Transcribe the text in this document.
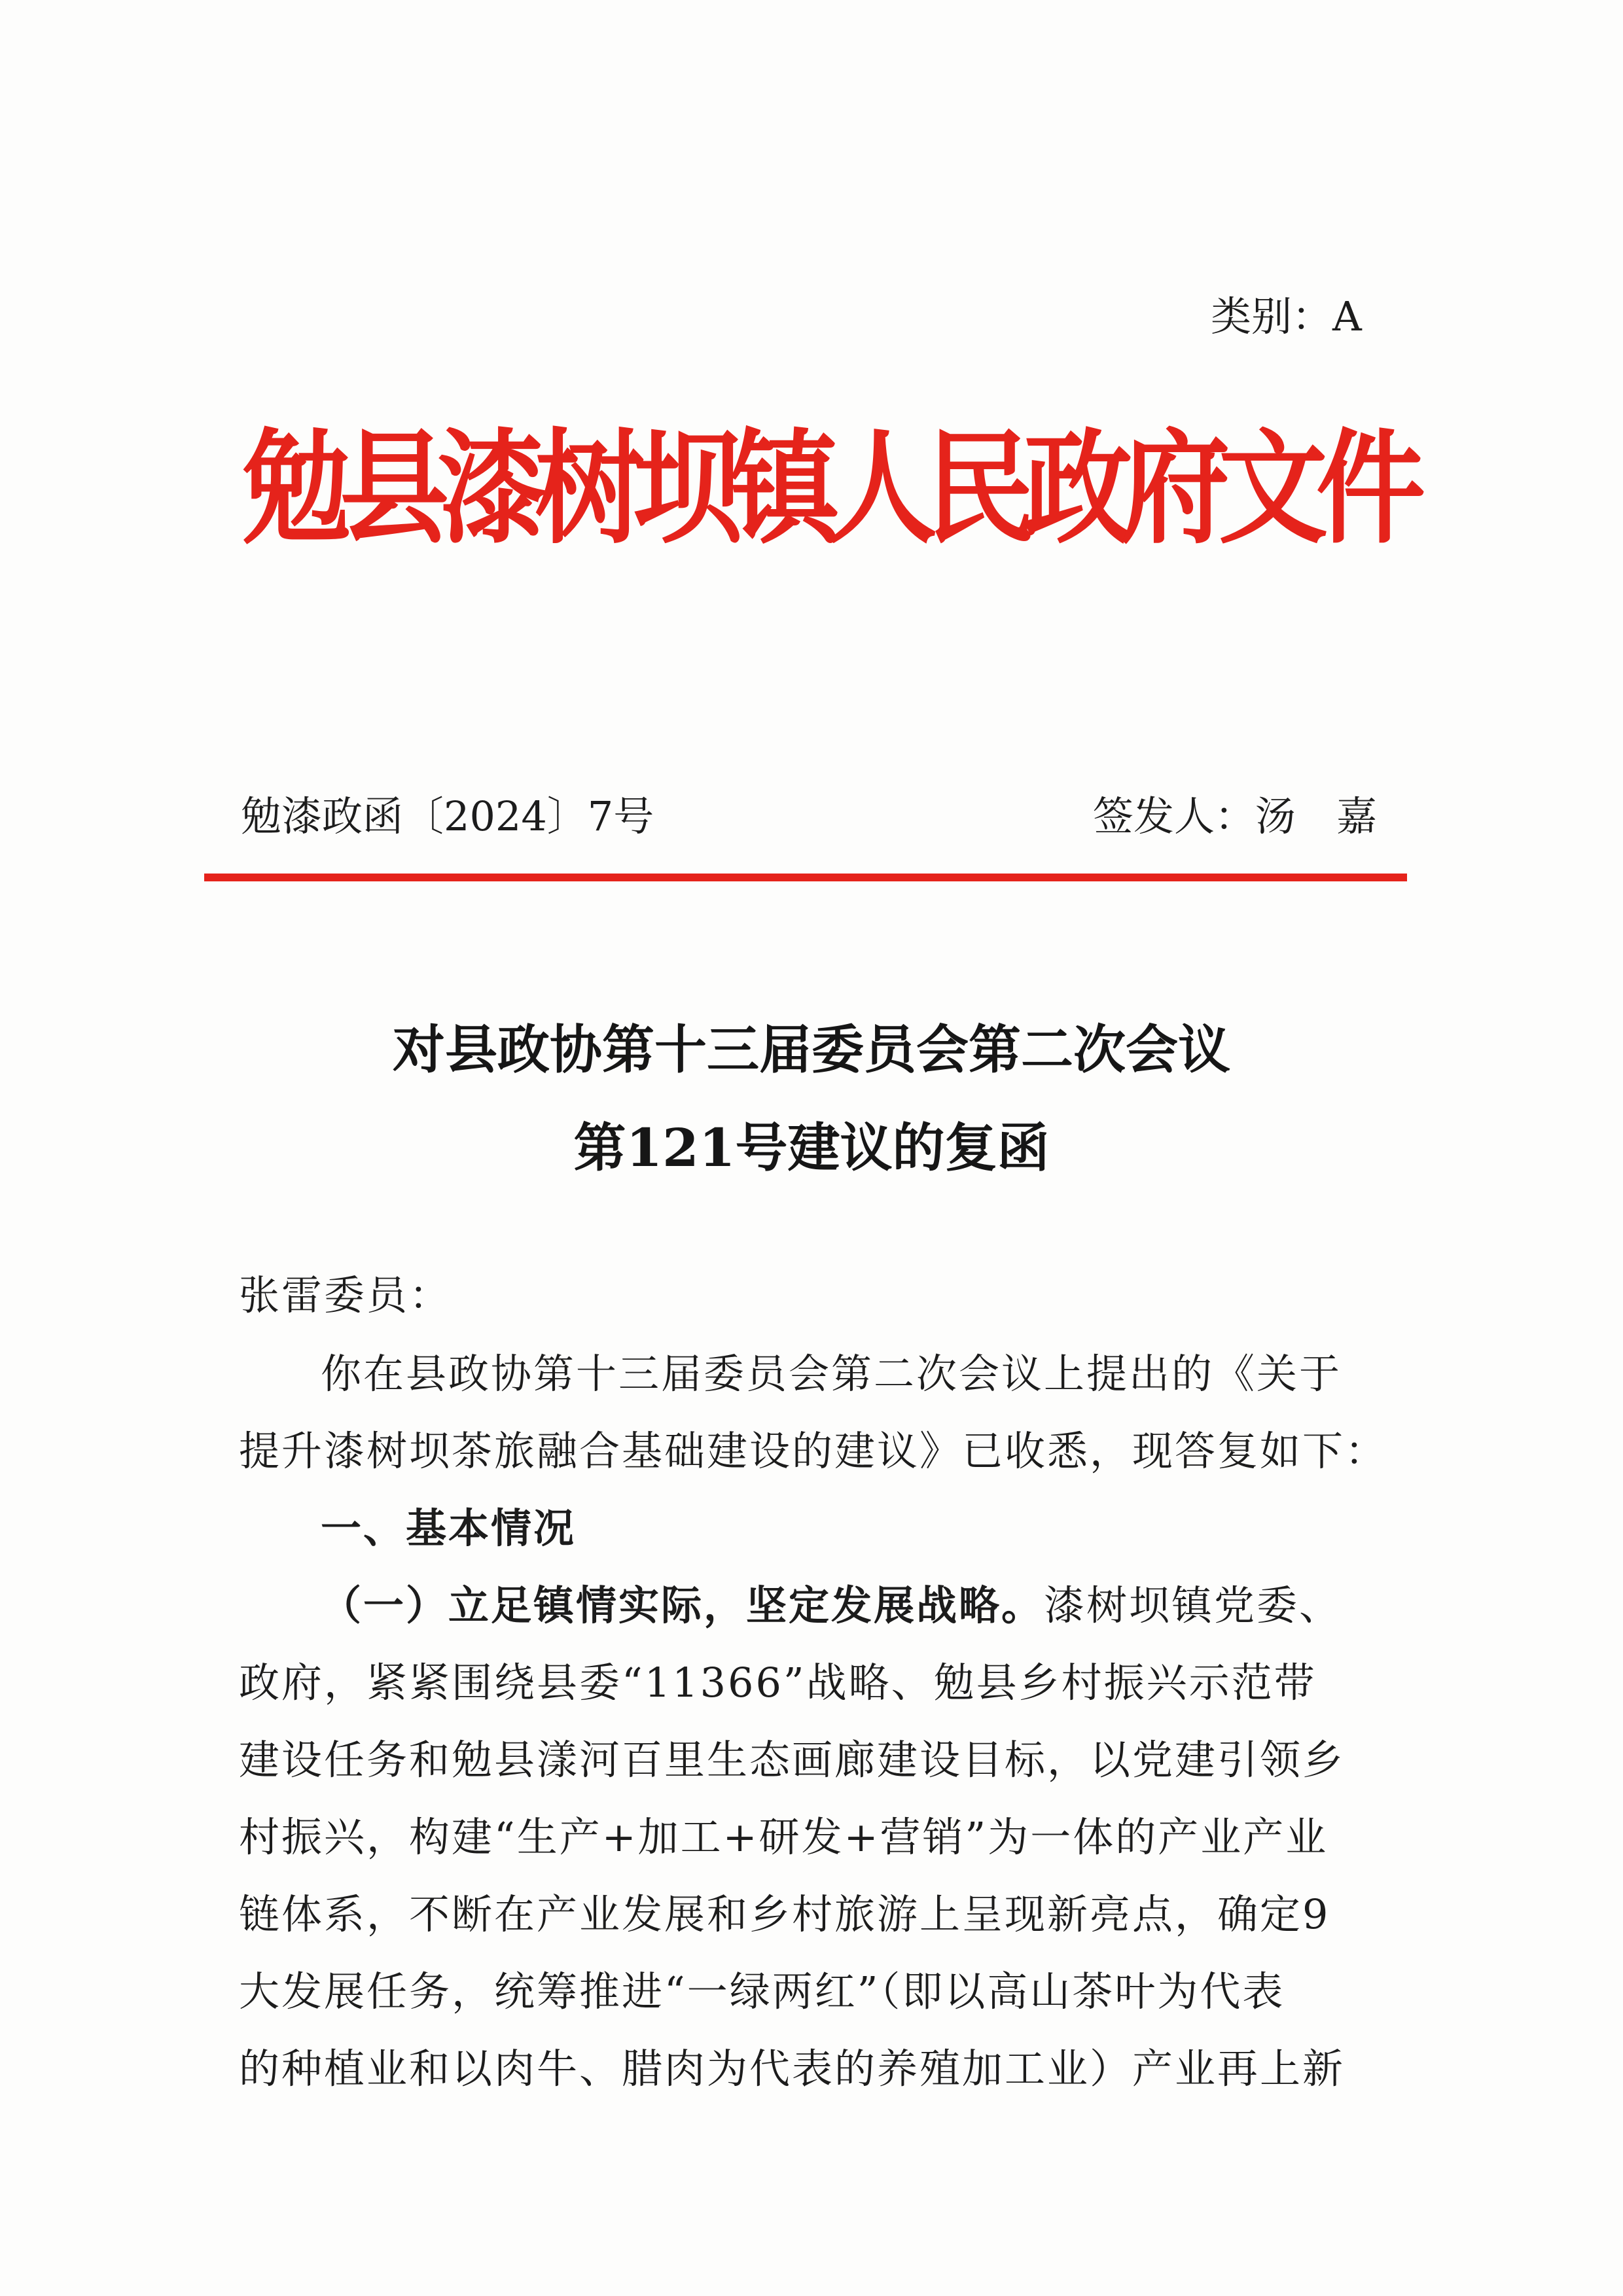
类别：A
勉县漆树坝镇人民政府文件
勉漆政函〔2024〕7号	签发人：汤　嘉
对县政协第十三届委员会第二次会议
第121号建议的复函
张雷委员：
你在县政协第十三届委员会第二次会议上提出的《关于
提升漆树坝茶旅融合基础建设的建议》已收悉，现答复如下：
一、基本情况
（一）立足镇情实际，坚定发展战略。漆树坝镇党委、
政府，紧紧围绕县委“11366”战略、勉县乡村振兴示范带
建设任务和勉县漾河百里生态画廊建设目标，以党建引领乡
村振兴，构建“生产+加工+研发+营销”为一体的产业产业
链体系，不断在产业发展和乡村旅游上呈现新亮点，确定9
大发展任务，统筹推进“一绿两红”（即以高山茶叶为代表
的种植业和以肉牛、腊肉为代表的养殖加工业）产业再上新
